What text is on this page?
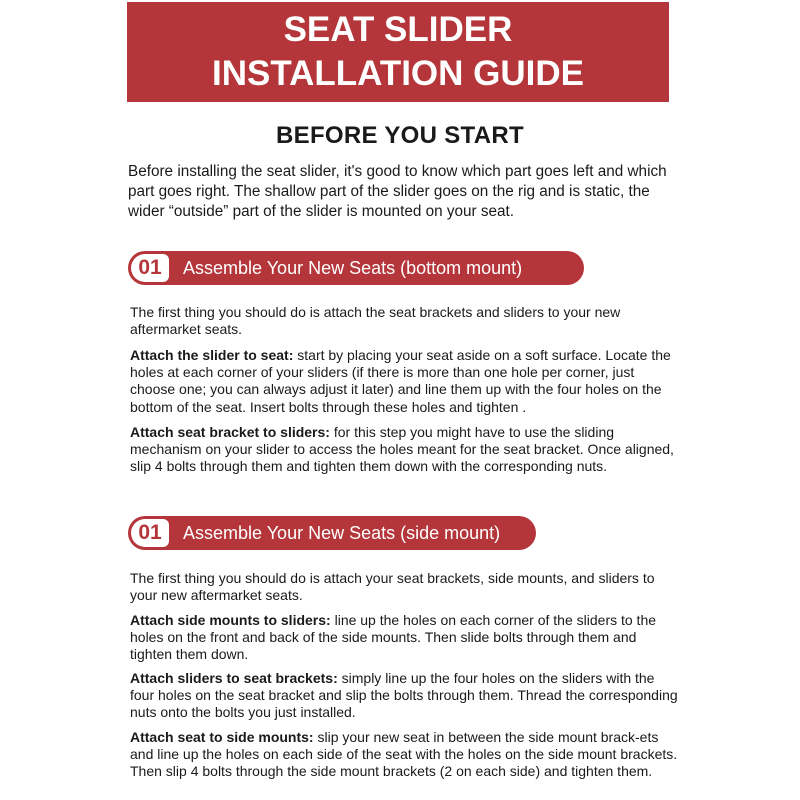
SEAT SLIDER
INSTALLATION GUIDE
BEFORE YOU START
Before installing the seat slider, it's good to know which part goes left and which part goes right. The shallow part of the slider goes on the rig and is static, the wider “outside” part of the slider is mounted on your seat.
01	Assemble Your New Seats (bottom mount)

The first thing you should do is attach the seat brackets and sliders to your new aftermarket seats.

Attach the slider to seat: start by placing your seat aside on a soft surface. Locate the holes at each corner of your sliders (if there is more than one hole per corner, just choose one; you can always adjust it later) and line them up with the four holes on the bottom of the seat. Insert bolts through these holes and tighten .

Attach seat bracket to sliders: for this step you might have to use the sliding mechanism on your slider to access the holes meant for the seat bracket. Once aligned, slip 4 bolts through them and tighten them down with the corresponding nuts.

01	Assemble Your New Seats (side mount)

The first thing you should do is attach your seat brackets, side mounts, and sliders to your new aftermarket seats.

Attach side mounts to sliders: line up the holes on each corner of the sliders to the holes on the front and back of the side mounts. Then slide bolts through them and tighten them down.

Attach sliders to seat brackets: simply line up the four holes on the sliders with the four holes on the seat bracket and slip the bolts through them. Thread the corresponding nuts onto the bolts you just installed.

Attach seat to side mounts: slip your new seat in between the side mount brack-ets and line up the holes on each side of the seat with the holes on the side mount brackets. Then slip 4 bolts through the side mount brackets (2 on each side) and tighten them.
